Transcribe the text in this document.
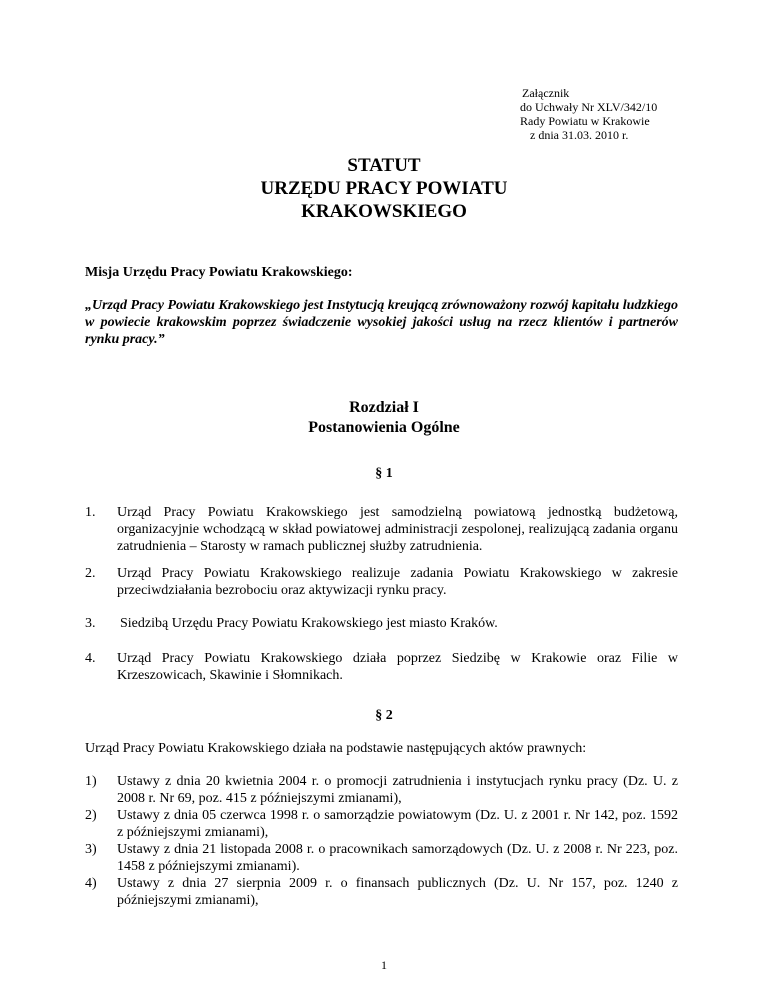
Załącznik
do Uchwały Nr XLV/342/10
Rady Powiatu w Krakowie
z dnia 31.03. 2010 r.
STATUT
URZĘDU PRACY POWIATU
KRAKOWSKIEGO
Misja Urzędu Pracy Powiatu Krakowskiego:
„Urząd Pracy Powiatu Krakowskiego jest Instytucją kreującą zrównoważony rozwój kapitału ludzkiego w powiecie krakowskim poprzez świadczenie wysokiej jakości usług na rzecz klientów i partnerów rynku pracy.”
Rozdział I
Postanowienia Ogólne
§ 1
1. Urząd Pracy Powiatu Krakowskiego jest samodzielną powiatową jednostką budżetową, organizacyjnie wchodzącą w skład powiatowej administracji zespolonej, realizującą zadania organu zatrudnienia – Starosty w ramach publicznej służby zatrudnienia.
2. Urząd Pracy Powiatu Krakowskiego realizuje zadania Powiatu Krakowskiego w zakresie przeciwdziałania bezrobociu oraz aktywizacji rynku pracy.
3. Siedzibą Urzędu Pracy Powiatu Krakowskiego jest miasto Kraków.
4. Urząd Pracy Powiatu Krakowskiego działa poprzez Siedzibę w Krakowie oraz Filie w Krzeszowicach, Skawinie i Słomnikach.
§ 2
Urząd Pracy Powiatu Krakowskiego działa na podstawie następujących aktów prawnych:
1) Ustawy z dnia 20 kwietnia 2004 r. o promocji zatrudnienia i instytucjach rynku pracy (Dz. U. z 2008 r. Nr 69, poz. 415 z późniejszymi zmianami),
2) Ustawy z dnia 05 czerwca 1998 r. o samorządzie powiatowym (Dz. U. z 2001 r. Nr 142, poz. 1592 z późniejszymi zmianami),
3) Ustawy z dnia 21 listopada 2008 r. o pracownikach samorządowych (Dz. U. z 2008 r. Nr 223, poz. 1458 z późniejszymi zmianami).
4) Ustawy z dnia 27 sierpnia 2009 r. o finansach publicznych (Dz. U. Nr 157, poz. 1240 z późniejszymi zmianami),
1
